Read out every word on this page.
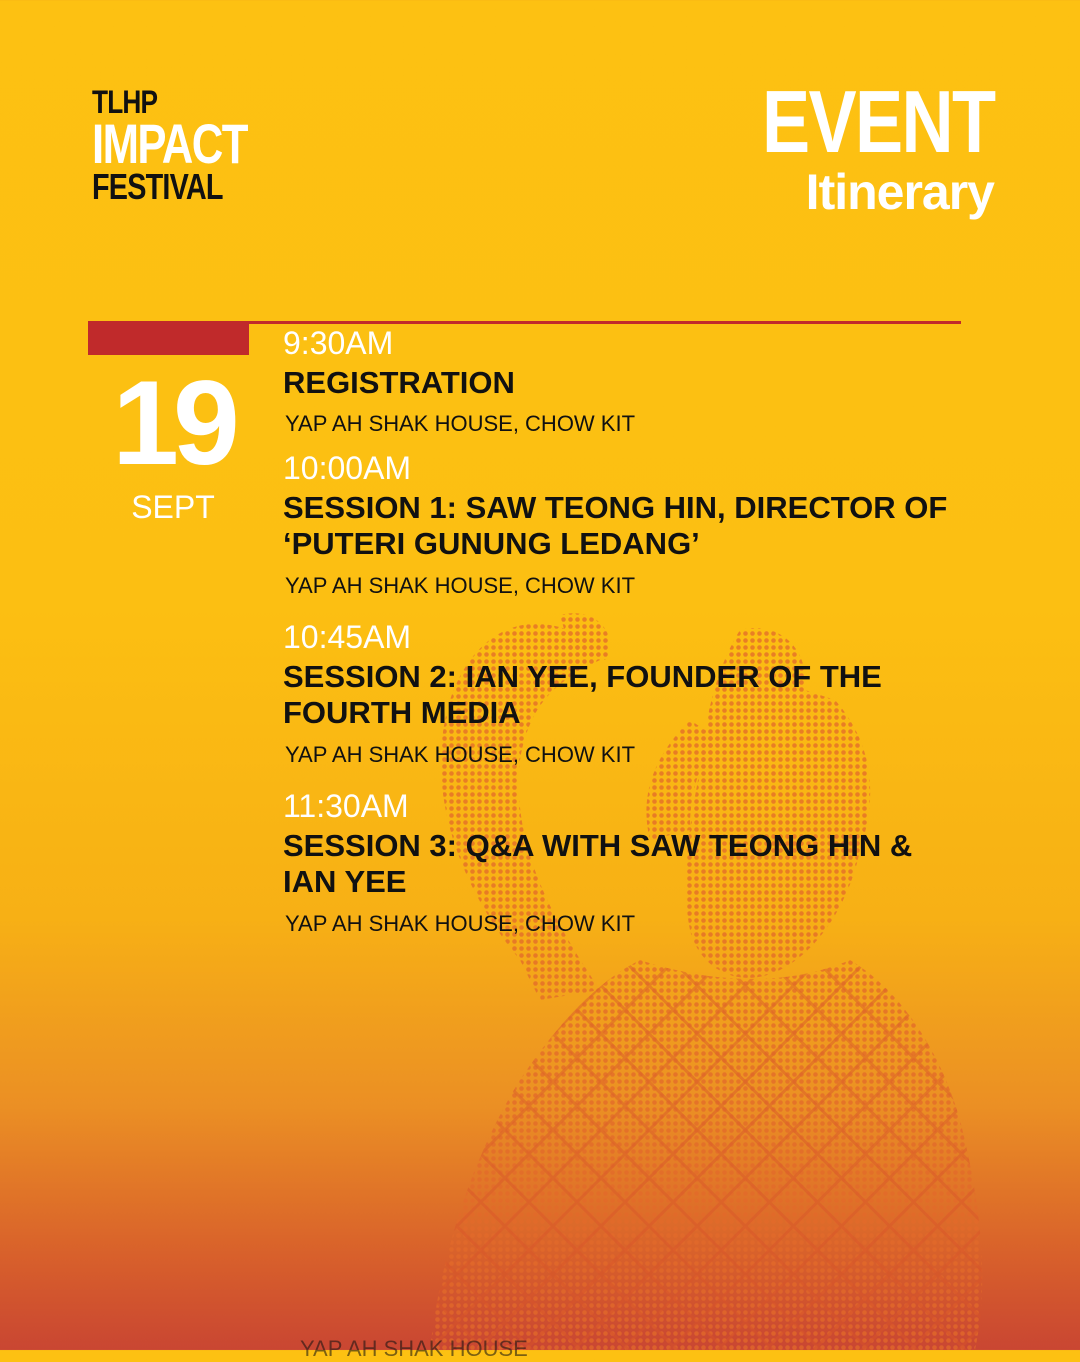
TLHP
IMPACT
FESTIVAL
EVENT
Itinerary
19
SEPT
9:30AM
REGISTRATION
YAP AH SHAK HOUSE, CHOW KIT
10:00AM
SESSION 1: SAW TEONG HIN, DIRECTOR OF ‘PUTERI GUNUNG LEDANG’
YAP AH SHAK HOUSE, CHOW KIT
10:45AM
SESSION 2: IAN YEE, FOUNDER OF THE FOURTH MEDIA
YAP AH SHAK HOUSE, CHOW KIT
11:30AM
SESSION 3: Q&A WITH SAW TEONG HIN & IAN YEE
YAP AH SHAK HOUSE, CHOW KIT
YAP AH SHAK HOUSE
